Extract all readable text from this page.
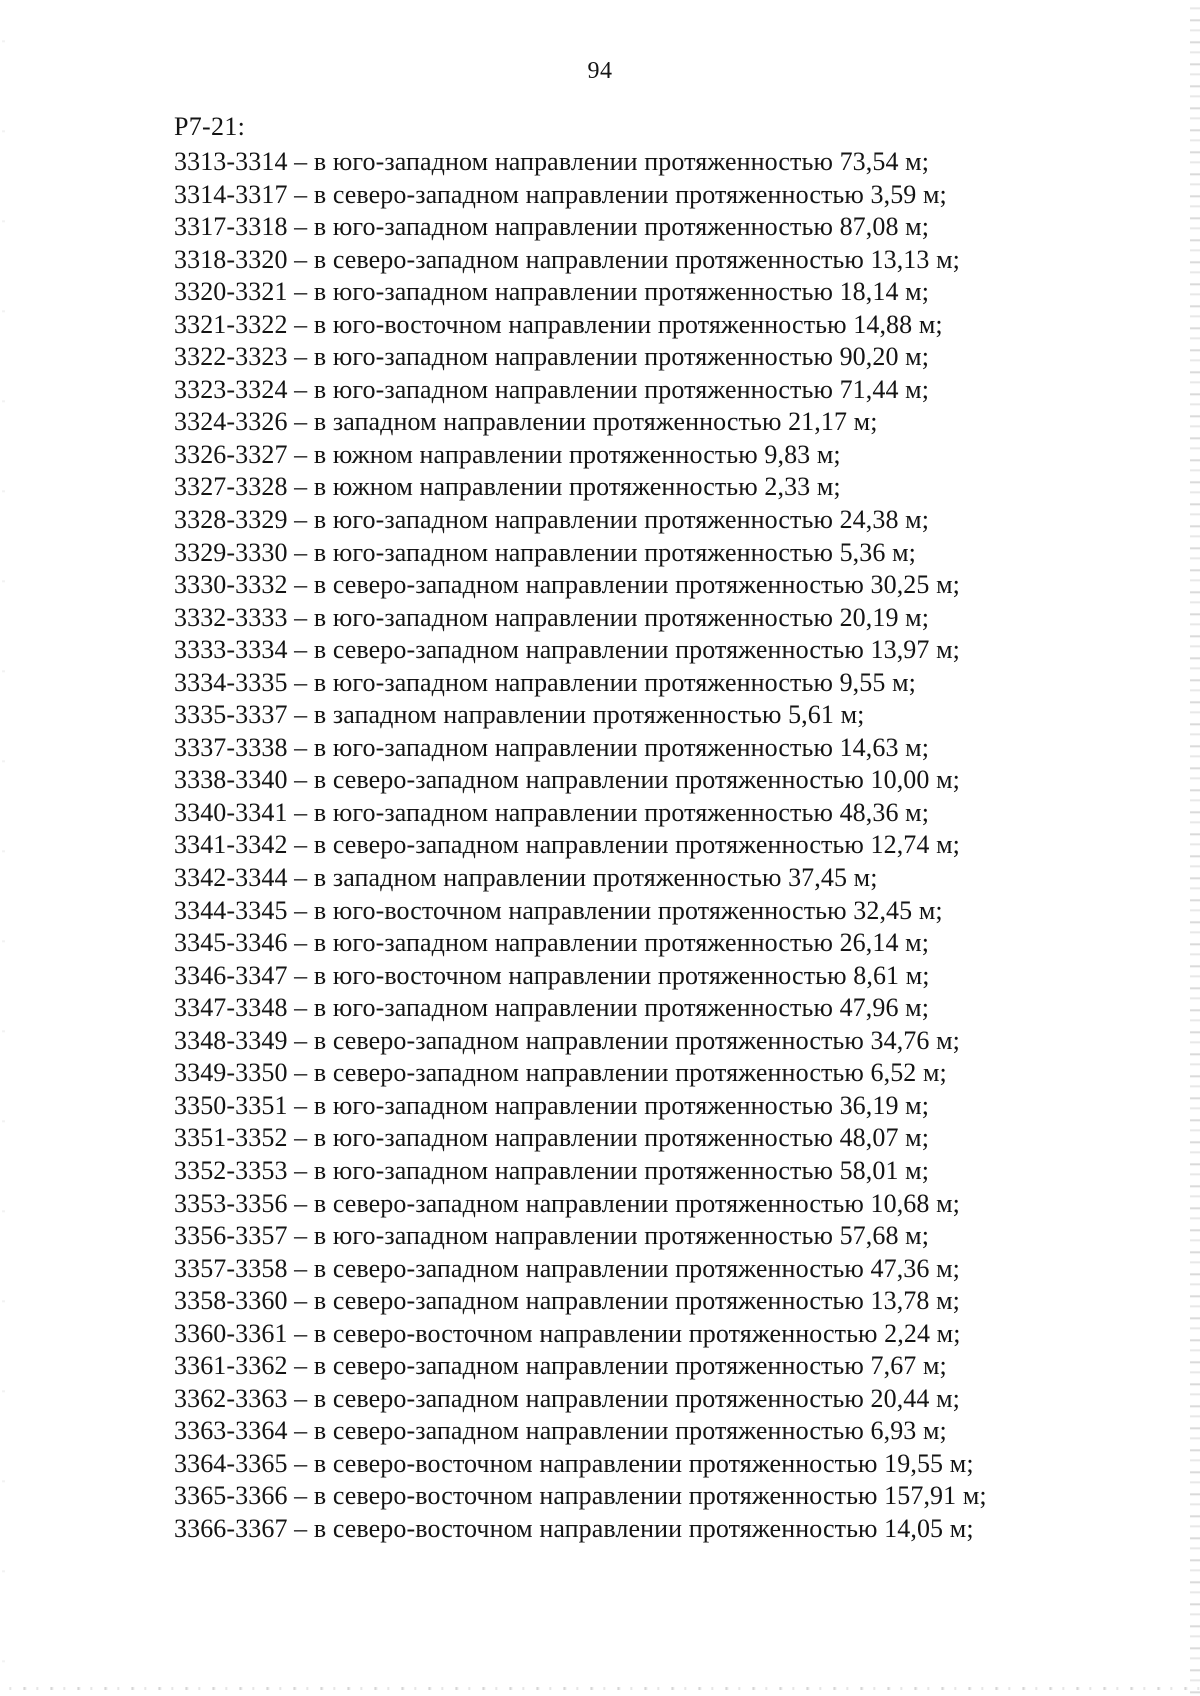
94
Р7-21:
3313-3314 – в юго-западном направлении протяженностью 73,54 м;
3314-3317 – в северо-западном направлении протяженностью 3,59 м;
3317-3318 – в юго-западном направлении протяженностью 87,08 м;
3318-3320 – в северо-западном направлении протяженностью 13,13 м;
3320-3321 – в юго-западном направлении протяженностью 18,14 м;
3321-3322 – в юго-восточном направлении протяженностью 14,88 м;
3322-3323 – в юго-западном направлении протяженностью 90,20 м;
3323-3324 – в юго-западном направлении протяженностью 71,44 м;
3324-3326 – в западном направлении протяженностью 21,17 м;
3326-3327 – в южном направлении протяженностью 9,83 м;
3327-3328 – в южном направлении протяженностью 2,33 м;
3328-3329 – в юго-западном направлении протяженностью 24,38 м;
3329-3330 – в юго-западном направлении протяженностью 5,36 м;
3330-3332 – в северо-западном направлении протяженностью 30,25 м;
3332-3333 – в юго-западном направлении протяженностью 20,19 м;
3333-3334 – в северо-западном направлении протяженностью 13,97 м;
3334-3335 – в юго-западном направлении протяженностью 9,55 м;
3335-3337 – в западном направлении протяженностью 5,61 м;
3337-3338 – в юго-западном направлении протяженностью 14,63 м;
3338-3340 – в северо-западном направлении протяженностью 10,00 м;
3340-3341 – в юго-западном направлении протяженностью 48,36 м;
3341-3342 – в северо-западном направлении протяженностью 12,74 м;
3342-3344 – в западном направлении протяженностью 37,45 м;
3344-3345 – в юго-восточном направлении протяженностью 32,45 м;
3345-3346 – в юго-западном направлении протяженностью 26,14 м;
3346-3347 – в юго-восточном направлении протяженностью 8,61 м;
3347-3348 – в юго-западном направлении протяженностью 47,96 м;
3348-3349 – в северо-западном направлении протяженностью 34,76 м;
3349-3350 – в северо-западном направлении протяженностью 6,52 м;
3350-3351 – в юго-западном направлении протяженностью 36,19 м;
3351-3352 – в юго-западном направлении протяженностью 48,07 м;
3352-3353 – в юго-западном направлении протяженностью 58,01 м;
3353-3356 – в северо-западном направлении протяженностью 10,68 м;
3356-3357 – в юго-западном направлении протяженностью 57,68 м;
3357-3358 – в северо-западном направлении протяженностью 47,36 м;
3358-3360 – в северо-западном направлении протяженностью 13,78 м;
3360-3361 – в северо-восточном направлении протяженностью 2,24 м;
3361-3362 – в северо-западном направлении протяженностью 7,67 м;
3362-3363 – в северо-западном направлении протяженностью 20,44 м;
3363-3364 – в северо-западном направлении протяженностью 6,93 м;
3364-3365 – в северо-восточном направлении протяженностью 19,55 м;
3365-3366 – в северо-восточном направлении протяженностью 157,91 м;
3366-3367 – в северо-восточном направлении протяженностью 14,05 м;
